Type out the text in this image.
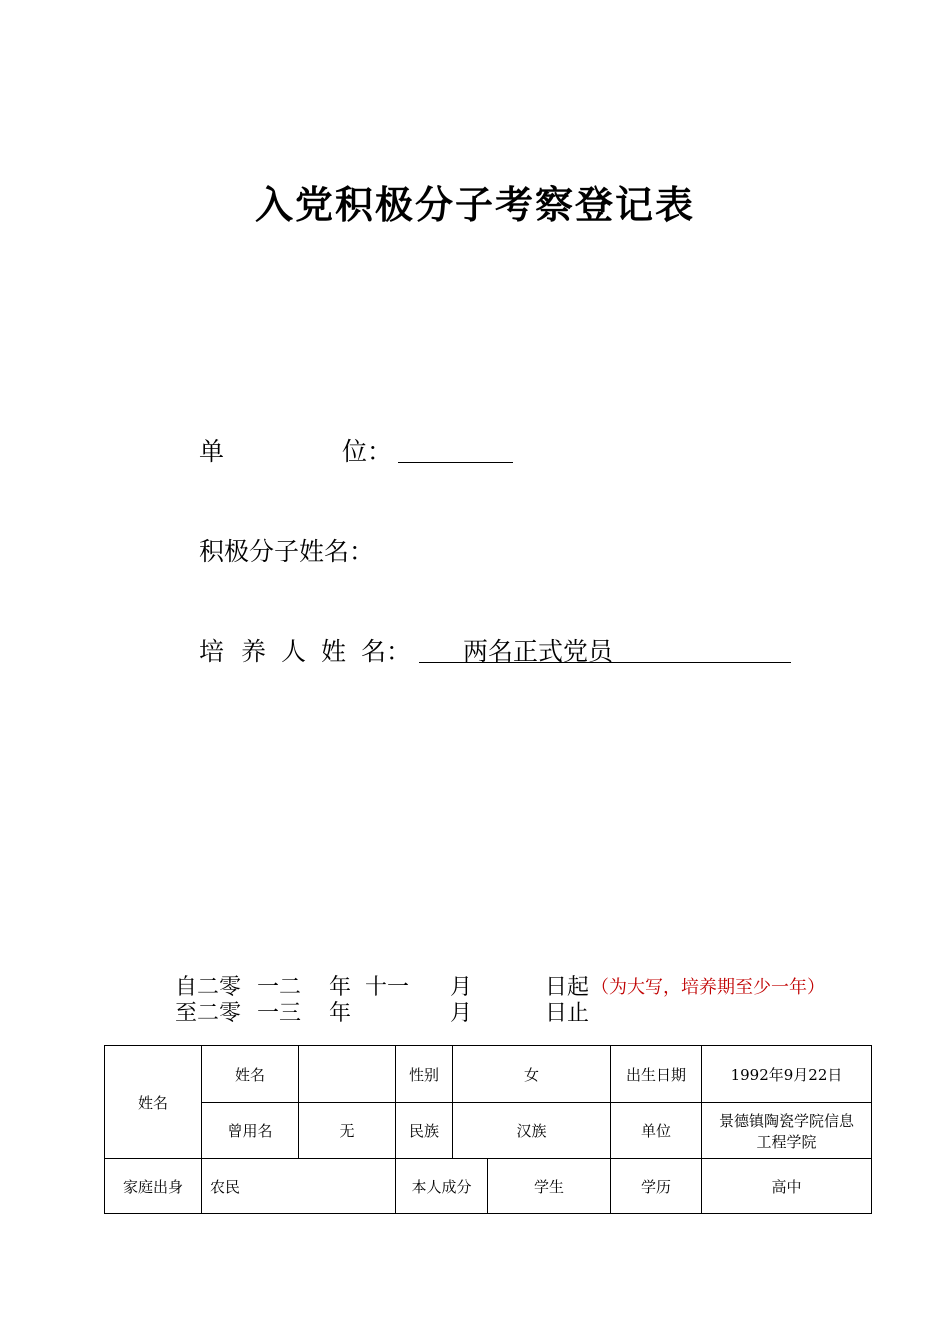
入党积极分子考察登记表
单	位：
积极分子姓名：
培 养 人 姓 名： 两名正式党员
自二零 一二 年 十一 月	日起 （为大写，培养期至少一年）
至二零 一三 年	月	日止
姓名	姓名		性别	女		出生日期	1992年9月22日
	曾用名	无	民族	汉族		单位	景德镇陶瓷学院信息
工程学院

家庭出身	农民		本人成分		学生	学历	高中
